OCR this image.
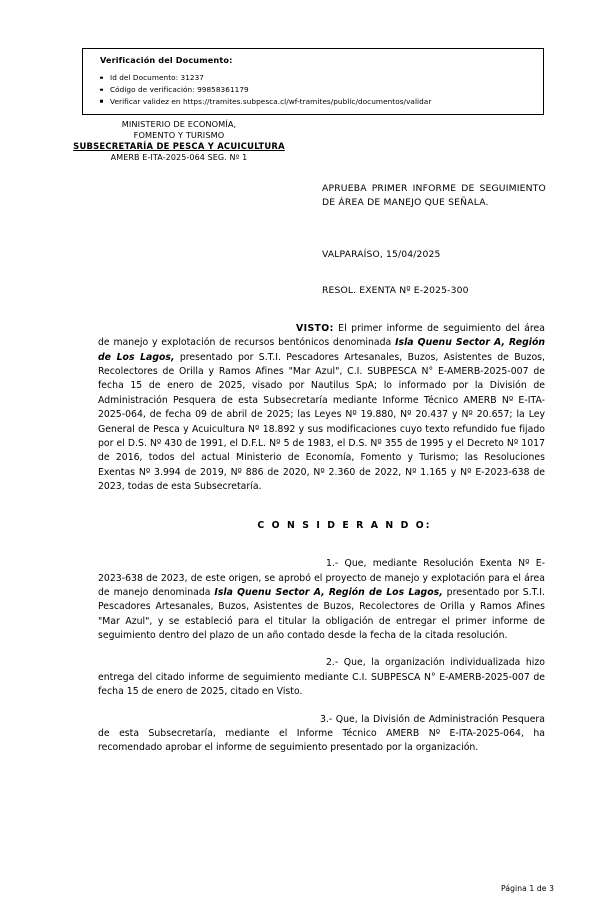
Verificación del Documento:
Id del Documento: 31237
Código de verificación: 99858361179
Verificar validez en https://tramites.subpesca.cl/wf-tramites/public/documentos/validar
MINISTERIO DE ECONOMÍA,
FOMENTO Y TURISMO
SUBSECRETARÍA DE PESCA Y ACUICULTURA
AMERB E-ITA-2025-064 SEG. Nº 1
APRUEBA PRIMER INFORME DE SEGUIMIENTO DE ÁREA DE MANEJO QUE SEÑALA.
VALPARAÍSO, 15/04/2025
RESOL. EXENTA Nº E-2025-300

VISTO: El primer informe de seguimiento del área de manejo y explotación de recursos bentónicos denominada Isla Quenu Sector A, Región de Los Lagos, presentado por S.T.I. Pescadores Artesanales, Buzos, Asistentes de Buzos, Recolectores de Orilla y Ramos Afines "Mar Azul", C.I. SUBPESCA N° E-AMERB-2025-007 de fecha 15 de enero de 2025, visado por Nautilus SpA; lo informado por la División de Administración Pesquera de esta Subsecretaría mediante Informe Técnico AMERB Nº E-ITA-2025-064, de fecha 09 de abril de 2025; las Leyes Nº 19.880, Nº 20.437 y Nº 20.657; la Ley General de Pesca y Acuicultura Nº 18.892 y sus modificaciones cuyo texto refundido fue fijado por el D.S. Nº 430 de 1991, el D.F.L. Nº 5 de 1983, el D.S. Nº 355 de 1995 y el Decreto Nº 1017 de 2016, todos del actual Ministerio de Economía, Fomento y Turismo; las Resoluciones Exentas Nº 3.994 de 2019, Nº 886 de 2020, Nº 2.360 de 2022, Nº 1.165 y Nº E-2023-638 de 2023, todas de esta Subsecretaría.

C O N S I D E R A N D O:

1.- Que, mediante Resolución Exenta Nº E-2023-638 de 2023, de este origen, se aprobó el proyecto de manejo y explotación para el área de manejo denominada Isla Quenu Sector A, Región de Los Lagos, presentado por S.T.I. Pescadores Artesanales, Buzos, Asistentes de Buzos, Recolectores de Orilla y Ramos Afines "Mar Azul", y se estableció para el titular la obligación de entregar el primer informe de seguimiento dentro del plazo de un año contado desde la fecha de la citada resolución.

2.- Que, la organización individualizada hizo entrega del citado informe de seguimiento mediante C.I. SUBPESCA N° E-AMERB-2025-007 de fecha 15 de enero de 2025, citado en Visto.

3.- Que, la División de Administración Pesquera de esta Subsecretaría, mediante el Informe Técnico AMERB Nº E-ITA-2025-064, ha recomendado aprobar el informe de seguimiento presentado por la organización.

Página 1 de 3
